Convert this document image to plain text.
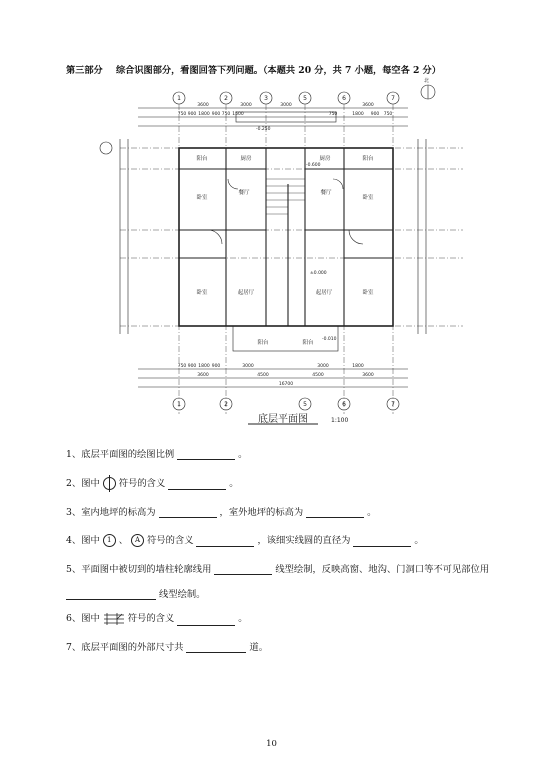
第三部分 综合识图部分，看图回答下列问题。（本题共 20 分，共 7 小题，每空各 2 分）
1	2	3	5	6	7
1	2	5	6	7
3600	3000	3000	3600
750 900 1800 900 750 1500	750	1800 900 750
750 900 1800 900	3000	3000	1800
3600	4500	4500	3600
16700
阳台	厨房	厨房	阳台
卧室	卧室
餐厅	餐厅
起居厅	起居厅
卧室	卧室
阳台	阳台
-0.250
-0.600
±0.000
-0.010
底层平面图	1:100
北
1、底层平面图的绘图比例	。
2、图中 符号的含义	。
3、室内地坪的标高为	，室外地坪的标高为	。
4、图中 1 、 A 符号的含义	，该细实线圆的直径为	。
5、平面图中被切到的墙柱轮廓线用	线型绘制，反映高窗、地沟、门洞口等不可见部位用
线型绘制。
6、图中	符号的含义	。
7、底层平面图的外部尺寸共	道。
10
